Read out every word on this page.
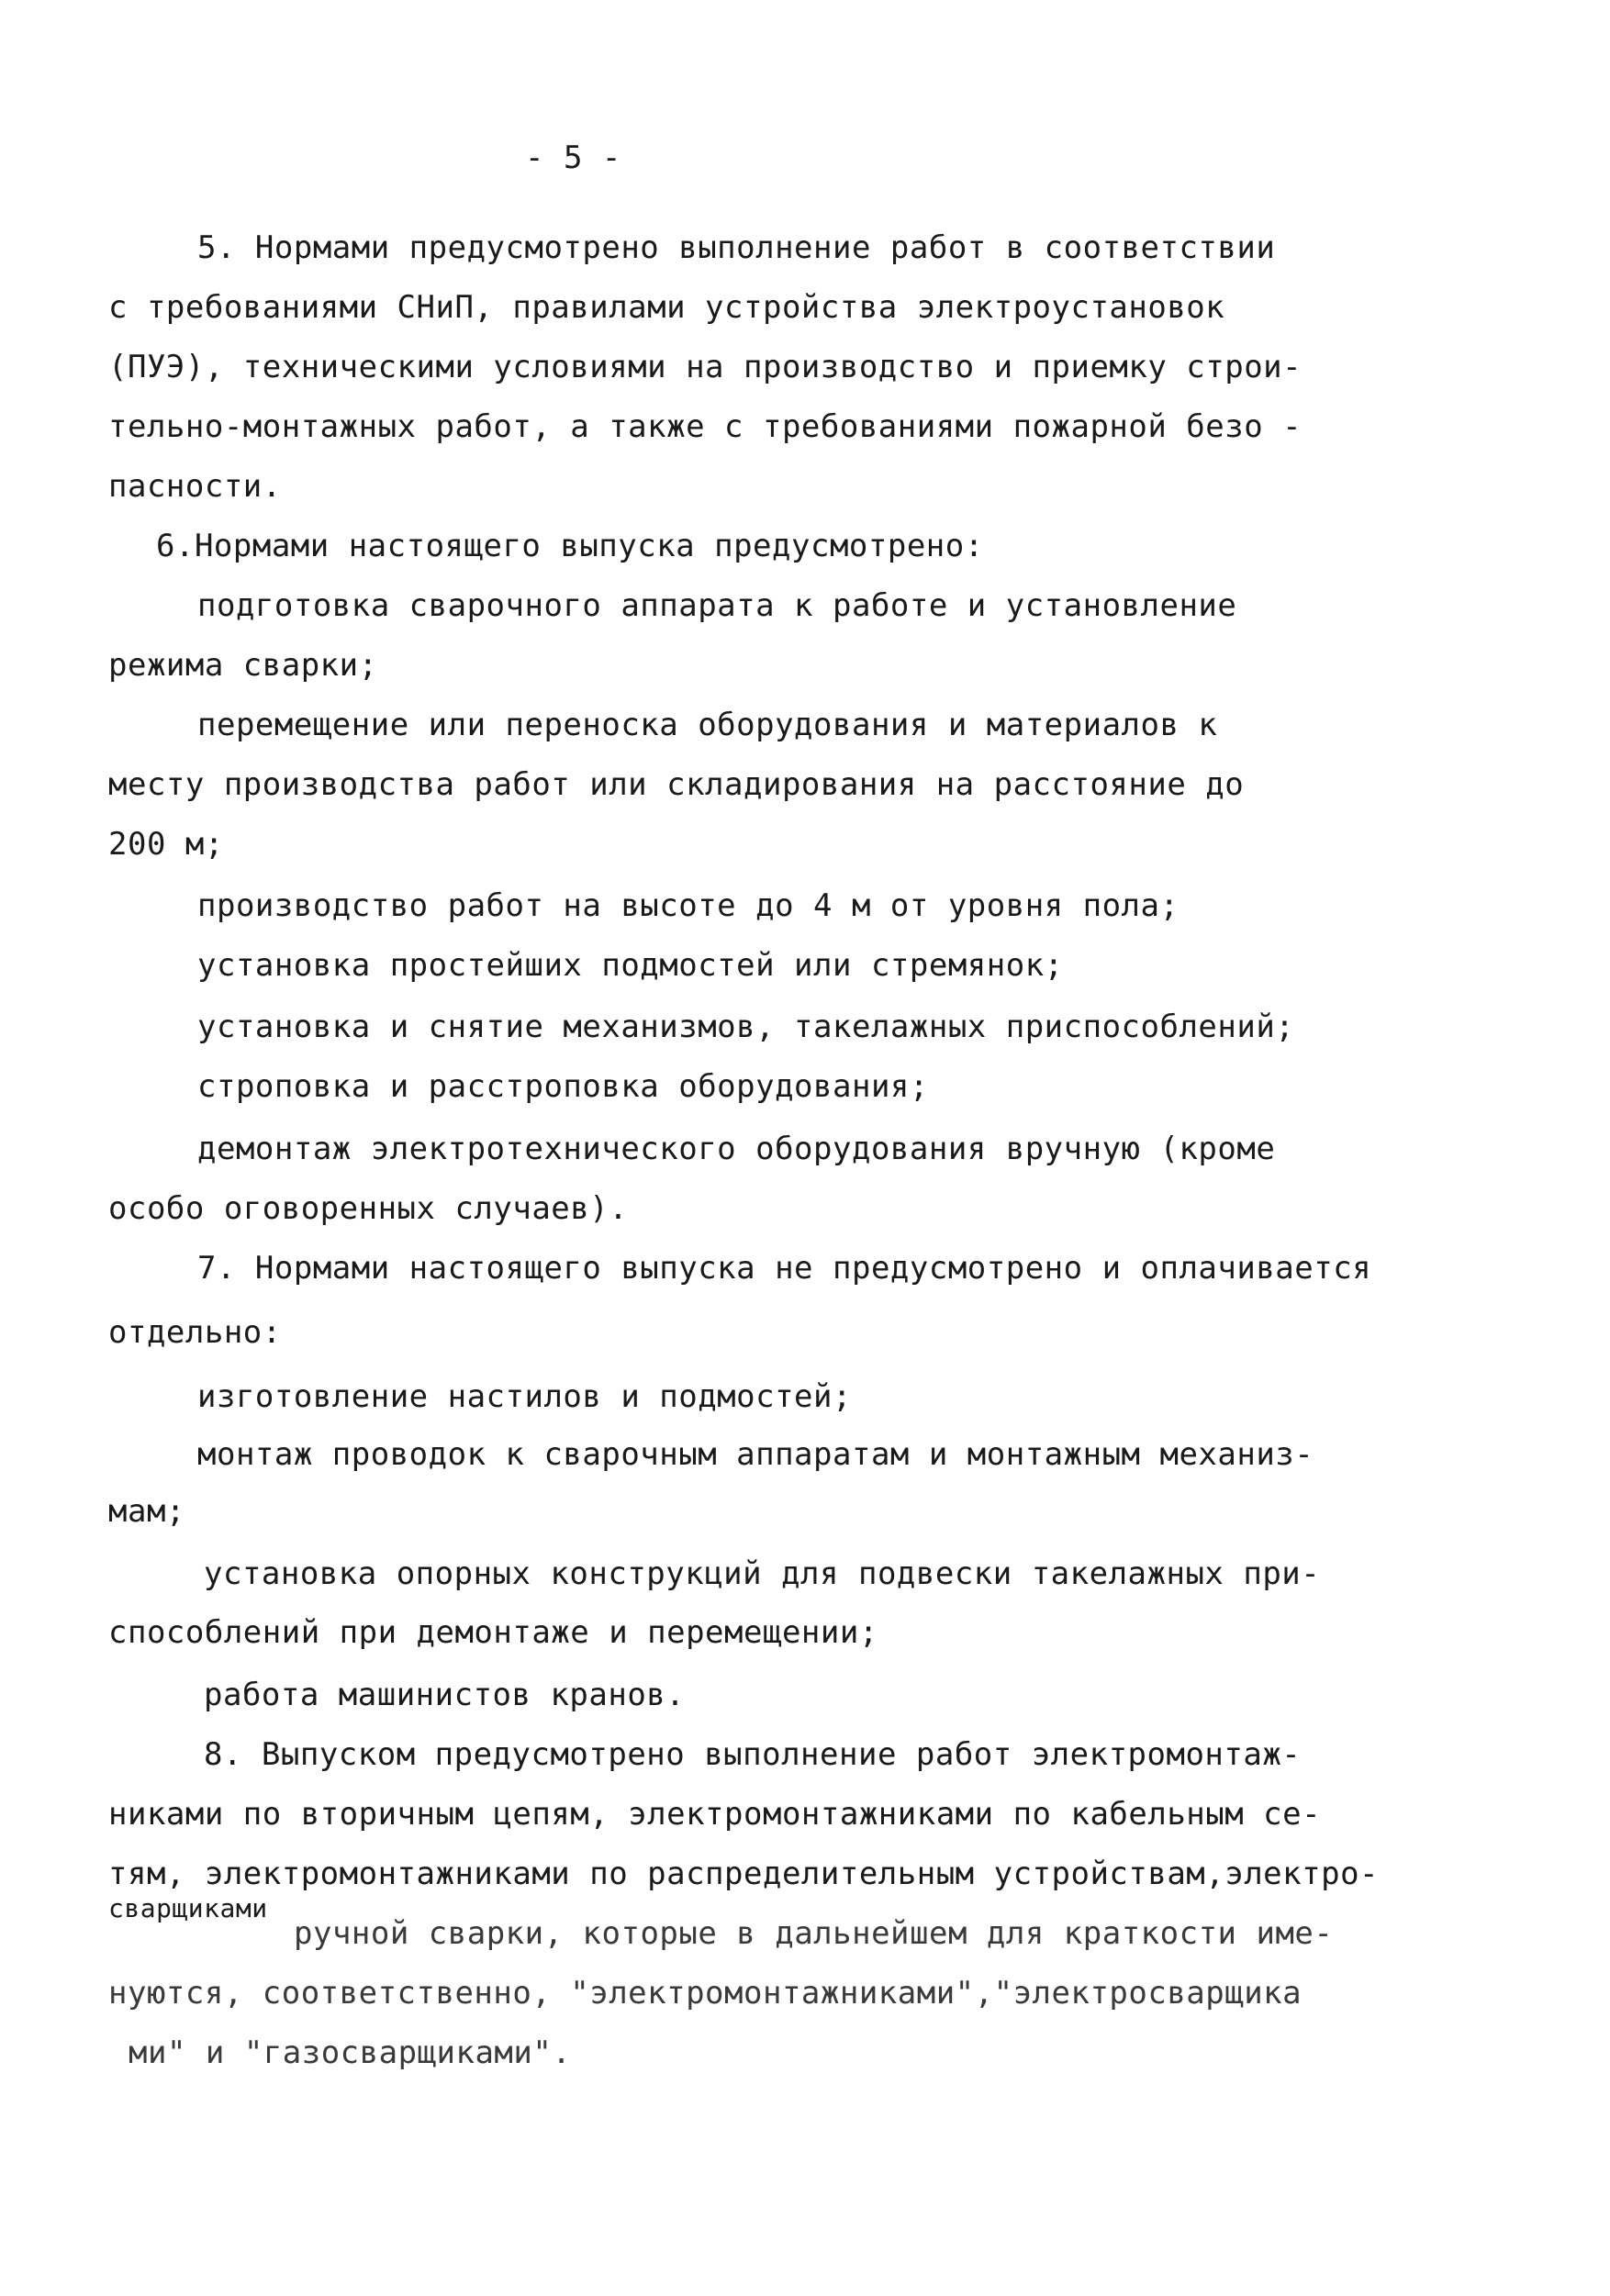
- 5 -
5. Нормами предусмотрено выполнение работ в соответствии
с требованиями СНиП, правилами устройства электроустановок
(ПУЭ), техническими условиями на производство и приемку строи-
тельно-монтажных работ, а также с требованиями пожарной безо -
пасности.
6.Нормами настоящего выпуска предусмотрено:
подготовка сварочного аппарата к работе и установление
режима сварки;
перемещение или переноска оборудования и материалов к
месту производства работ или складирования на расстояние до
200 м;
производство работ на высоте до 4 м от уровня пола;
установка простейших подмостей или стремянок;
установка и снятие механизмов, такелажных приспособлений;
строповка и расстроповка оборудования;
демонтаж электротехнического оборудования вручную (кроме
особо оговоренных случаев).
7. Нормами настоящего выпуска не предусмотрено и оплачивается
отдельно:
изготовление настилов и подмостей;
монтаж проводок к сварочным аппаратам и монтажным механиз-
мам;
установка опорных конструкций для подвески такелажных при-
способлений при демонтаже и перемещении;
работа машинистов кранов.
8. Выпуском предусмотрено выполнение работ электромонтаж-
никами по вторичным цепям, электромонтажниками по кабельным се-
тям, электромонтажниками по распределительным устройствам,электро-
сварщиками
ручной сварки, которые в дальнейшем для краткости име-
нуются, соответственно, "электромонтажниками","электросварщика
ми" и "газосварщиками".
